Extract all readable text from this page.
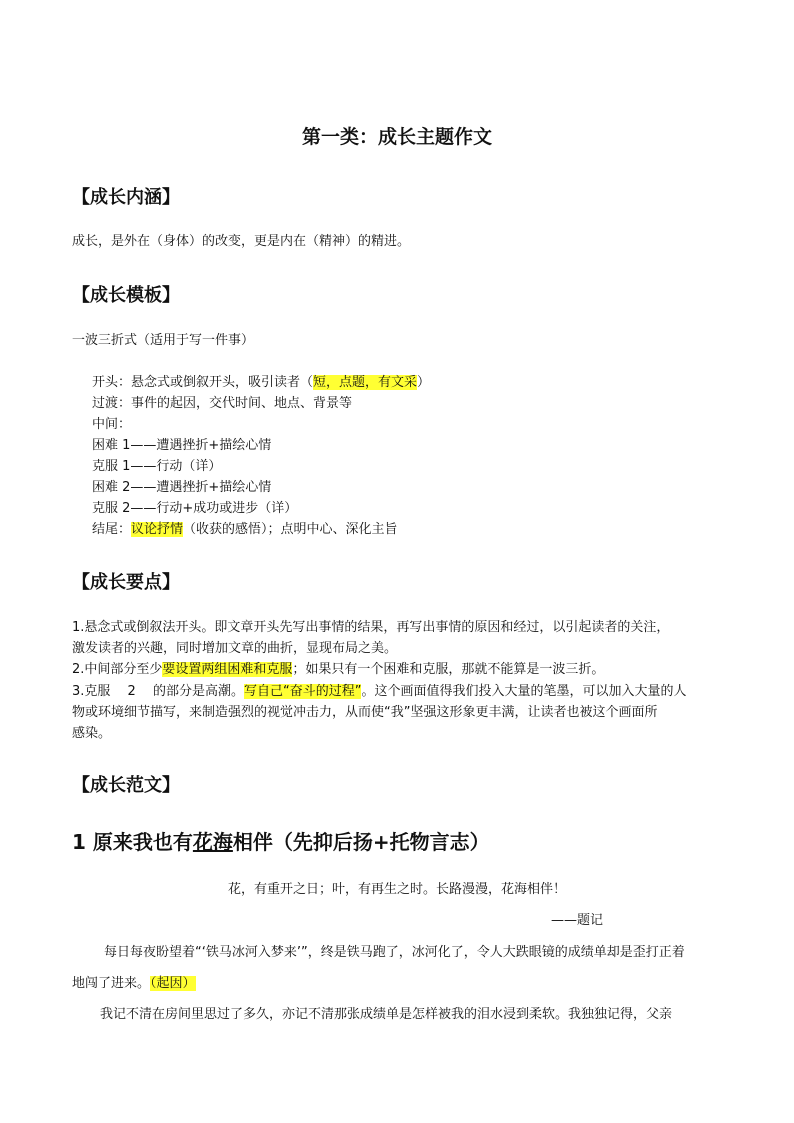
第一类：成长主题作文
【成长内涵】
成长，是外在（身体）的改变，更是内在（精神）的精进。
【成长模板】
一波三折式（适用于写一件事）
开头：悬念式或倒叙开头，吸引读者（短，点题，有文采）
过渡：事件的起因，交代时间、地点、背景等
中间：
困难 1——遭遇挫折+描绘心情
克服 1——行动（详）
困难 2——遭遇挫折+描绘心情
克服 2——行动+成功或进步（详）
结尾：议论抒情（收获的感悟）；点明中心、深化主旨
【成长要点】
1.悬念式或倒叙法开头。即文章开头先写出事情的结果，再写出事情的原因和经过，以引起读者的关注，
激发读者的兴趣，同时增加文章的曲折，显现布局之美。
2.中间部分至少要设置两组困难和克服；如果只有一个困难和克服，那就不能算是一波三折。
3.克服　 2　 的部分是高潮。写自己“奋斗的过程”。这个画面值得我们投入大量的笔墨，可以加入大量的人
物或环境细节描写，来制造强烈的视觉冲击力，从而使“我”坚强这形象更丰满，让读者也被这个画面所
感染。
【成长范文】
1 原来我也有花海相伴（先抑后扬+托物言志）
花，有重开之日；叶，有再生之时。长路漫漫，花海相伴！
——题记
每日每夜盼望着“‘铁马冰河入梦来’”，终是铁马跑了，冰河化了，令人大跌眼镜的成绩单却是歪打正着
地闯了进来。（起因）
我记不清在房间里思过了多久，亦记不清那张成绩单是怎样被我的泪水浸到柔软。我独独记得，父亲
